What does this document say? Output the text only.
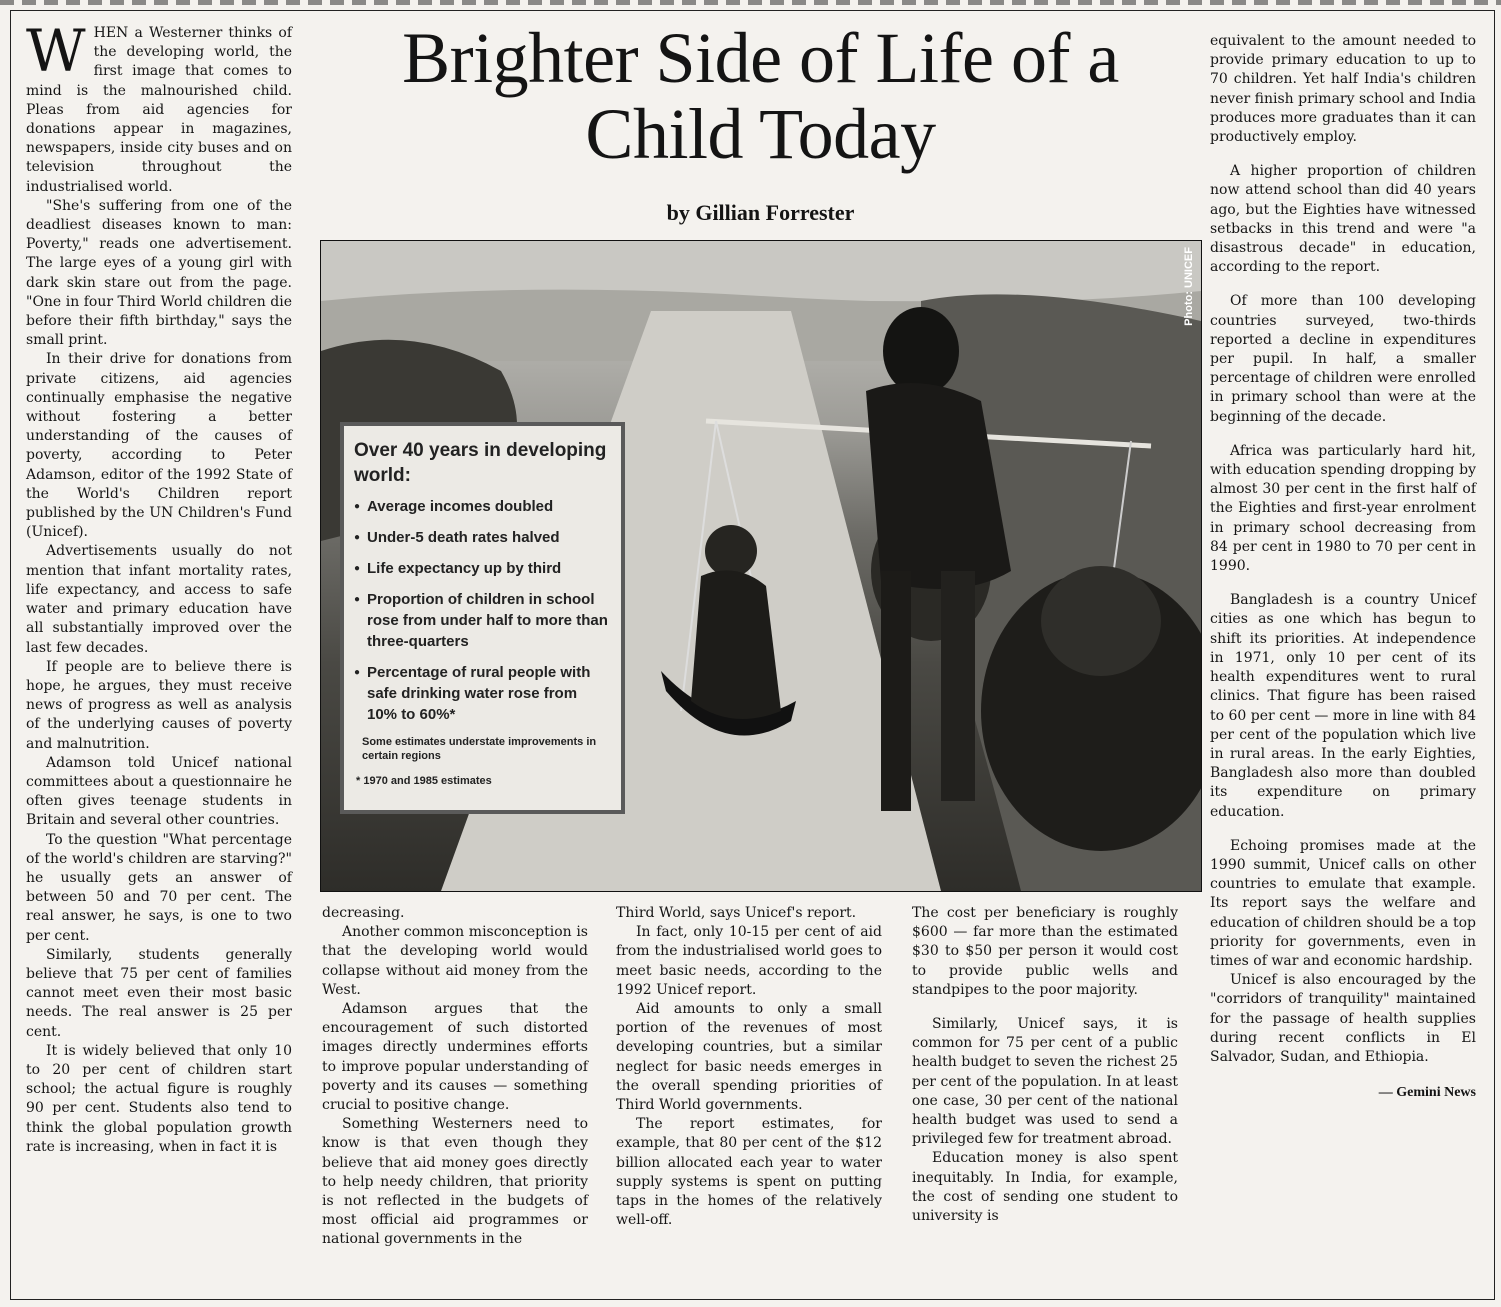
W HEN a Westerner thinks of the developing world, the first image that comes to mind is the malnourished child. Pleas from aid agencies for donations appear in magazines, newspapers, inside city buses and on television throughout the industrialised world.

"She's suffering from one of the deadliest diseases known to man: Poverty," reads one advertisement. The large eyes of a young girl with dark skin stare out from the page. "One in four Third World children die before their fifth birthday," says the small print.

In their drive for donations from private citizens, aid agencies continually emphasise the negative without fostering a better understanding of the causes of poverty, according to Peter Adamson, editor of the 1992 State of the World's Children report published by the UN Children's Fund (Unicef).

Advertisements usually do not mention that infant mortality rates, life expectancy, and access to safe water and primary education have all substantially improved over the last few decades.

If people are to believe there is hope, he argues, they must receive news of progress as well as analysis of the underlying causes of poverty and malnutrition.

Adamson told Unicef national committees about a questionnaire he often gives teenage students in Britain and several other countries.

To the question "What percentage of the world's children are starving?" he usually gets an answer of between 50 and 70 per cent. The real answer, he says, is one to two per cent.

Similarly, students generally believe that 75 per cent of families cannot meet even their most basic needs. The real answer is 25 per cent.

It is widely believed that only 10 to 20 per cent of children start school; the actual figure is roughly 90 per cent. Students also tend to think the global population growth rate is increasing, when in fact it is

Brighter Side of Life of a Child Today
by Gillian Forrester
Photo: UNICEF
Over 40 years in developing world:
● Average incomes doubled
● Under-5 death rates halved
● Life expectancy up by third
● Proportion of children in school rose from under half to more than three-quarters
● Percentage of rural people with safe drinking water rose from 10% to 60%*
Some estimates understate improvements in certain regions
* 1970 and 1985 estimates

decreasing.

Another common misconception is that the developing world would collapse without aid money from the West.

Adamson argues that the encouragement of such distorted images directly undermines efforts to improve popular understanding of poverty and its causes — something crucial to positive change.

Something Westerners need to know is that even though they believe that aid money goes directly to help needy children, that priority is not reflected in the budgets of most official aid programmes or national governments in the

Third World, says Unicef's report.

In fact, only 10-15 per cent of aid from the industrialised world goes to meet basic needs, according to the 1992 Unicef report.

Aid amounts to only a small portion of the revenues of most developing countries, but a similar neglect for basic needs emerges in the overall spending priorities of Third World governments.

The report estimates, for example, that 80 per cent of the $12 billion allocated each year to water supply systems is spent on putting taps in the homes of the relatively well-off.

The cost per beneficiary is roughly $600 — far more than the estimated $30 to $50 per person it would cost to provide public wells and standpipes to the poor majority.

Similarly, Unicef says, it is common for 75 per cent of a public health budget to seven the richest 25 per cent of the population. In at least one case, 30 per cent of the national health budget was used to send a privileged few for treatment abroad.

Education money is also spent inequitably. In India, for example, the cost of sending one student to university is

equivalent to the amount needed to provide primary education to up to 70 children. Yet half India's children never finish primary school and India produces more graduates than it can productively employ.

A higher proportion of children now attend school than did 40 years ago, but the Eighties have witnessed setbacks in this trend and were "a disastrous decade" in education, according to the report.

Of more than 100 developing countries surveyed, two-thirds reported a decline in expenditures per pupil. In half, a smaller percentage of children were enrolled in primary school than were at the beginning of the decade.

Africa was particularly hard hit, with education spending dropping by almost 30 per cent in the first half of the Eighties and first-year enrolment in primary school decreasing from 84 per cent in 1980 to 70 per cent in 1990.

Bangladesh is a country Unicef cities as one which has begun to shift its priorities. At independence in 1971, only 10 per cent of its health expenditures went to rural clinics. That figure has been raised to 60 per cent — more in line with 84 per cent of the population which live in rural areas. In the early Eighties, Bangladesh also more than doubled its expenditure on primary education.

Echoing promises made at the 1990 summit, Unicef calls on other countries to emulate that example. Its report says the welfare and education of children should be a top priority for governments, even in times of war and economic hardship.

Unicef is also encouraged by the "corridors of tranquility" maintained for the passage of health supplies during recent conflicts in El Salvador, Sudan, and Ethiopia.

— Gemini News
